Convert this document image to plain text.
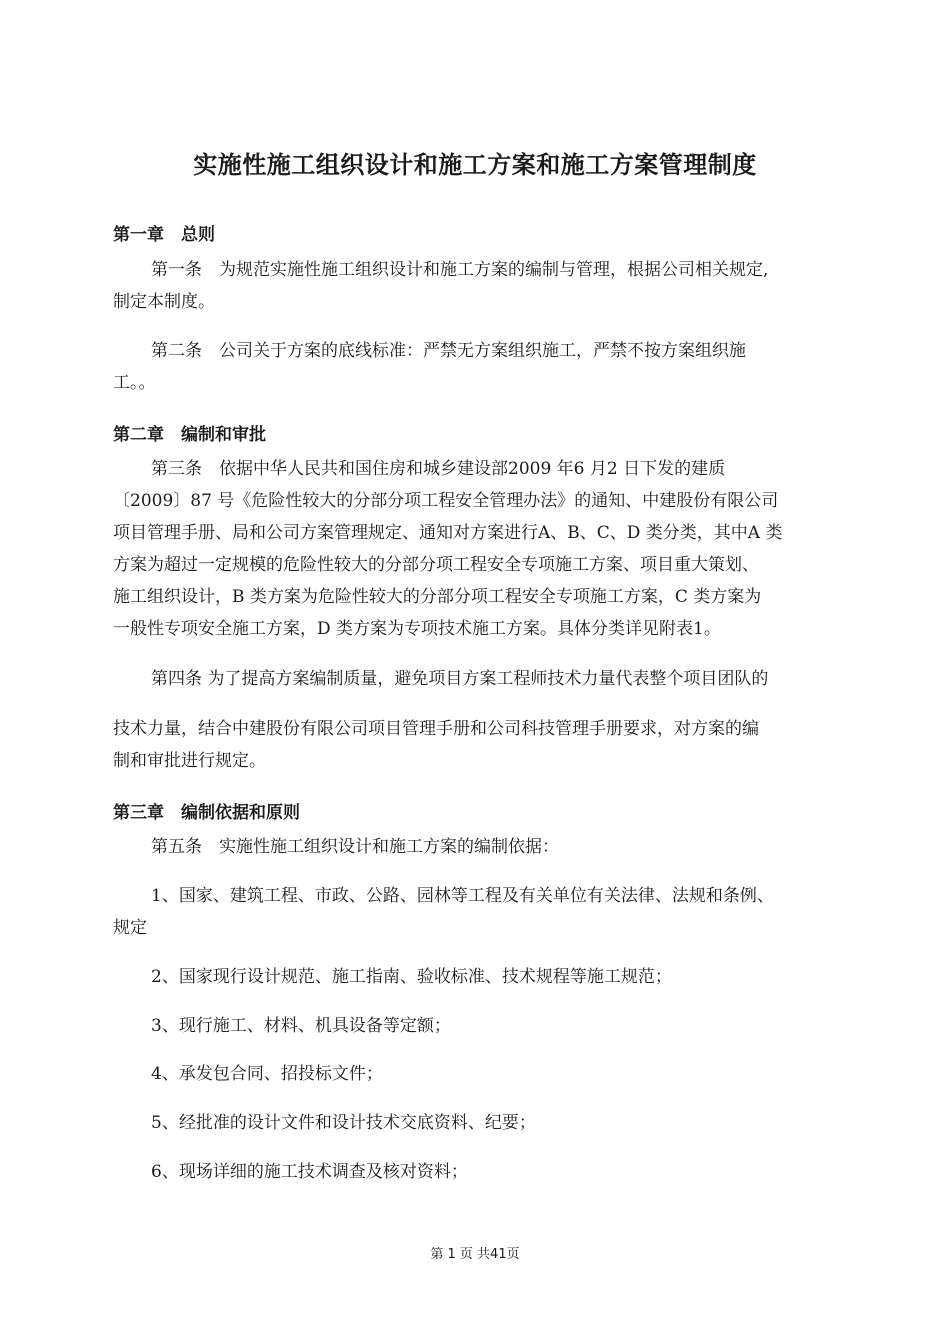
实施性施工组织设计和施工方案和施工方案管理制度
第一章　总则
第一条　为规范实施性施工组织设计和施工方案的编制与管理，根据公司相关规定,
制定本制度。
第二条　公司关于方案的底线标准：严禁无方案组织施工，严禁不按方案组织施
工。。
第二章　编制和审批
第三条　依据中华人民共和国住房和城乡建设部2009 年6 月2 日下发的建质
〔2009〕87 号《危险性较大的分部分项工程安全管理办法》的通知、中建股份有限公司
项目管理手册、局和公司方案管理规定、通知对方案进行A、B、C、D 类分类，其中A 类
方案为超过一定规模的危险性较大的分部分项工程安全专项施工方案、项目重大策划、
施工组织设计，B 类方案为危险性较大的分部分项工程安全专项施工方案，C 类方案为
一般性专项安全施工方案，D 类方案为专项技术施工方案。具体分类详见附表1。
第四条 为了提高方案编制质量，避免项目方案工程师技术力量代表整个项目团队的
技术力量，结合中建股份有限公司项目管理手册和公司科技管理手册要求，对方案的编
制和审批进行规定。
第三章　编制依据和原则
第五条　实施性施工组织设计和施工方案的编制依据：
1、国家、建筑工程、市政、公路、园林等工程及有关单位有关法律、法规和条例、
规定
2、国家现行设计规范、施工指南、验收标准、技术规程等施工规范；
3、现行施工、材料、机具设备等定额；
4、承发包合同、招投标文件；
5、经批准的设计文件和设计技术交底资料、纪要；
6、现场详细的施工技术调查及核对资料；
第 1 页 共41页
